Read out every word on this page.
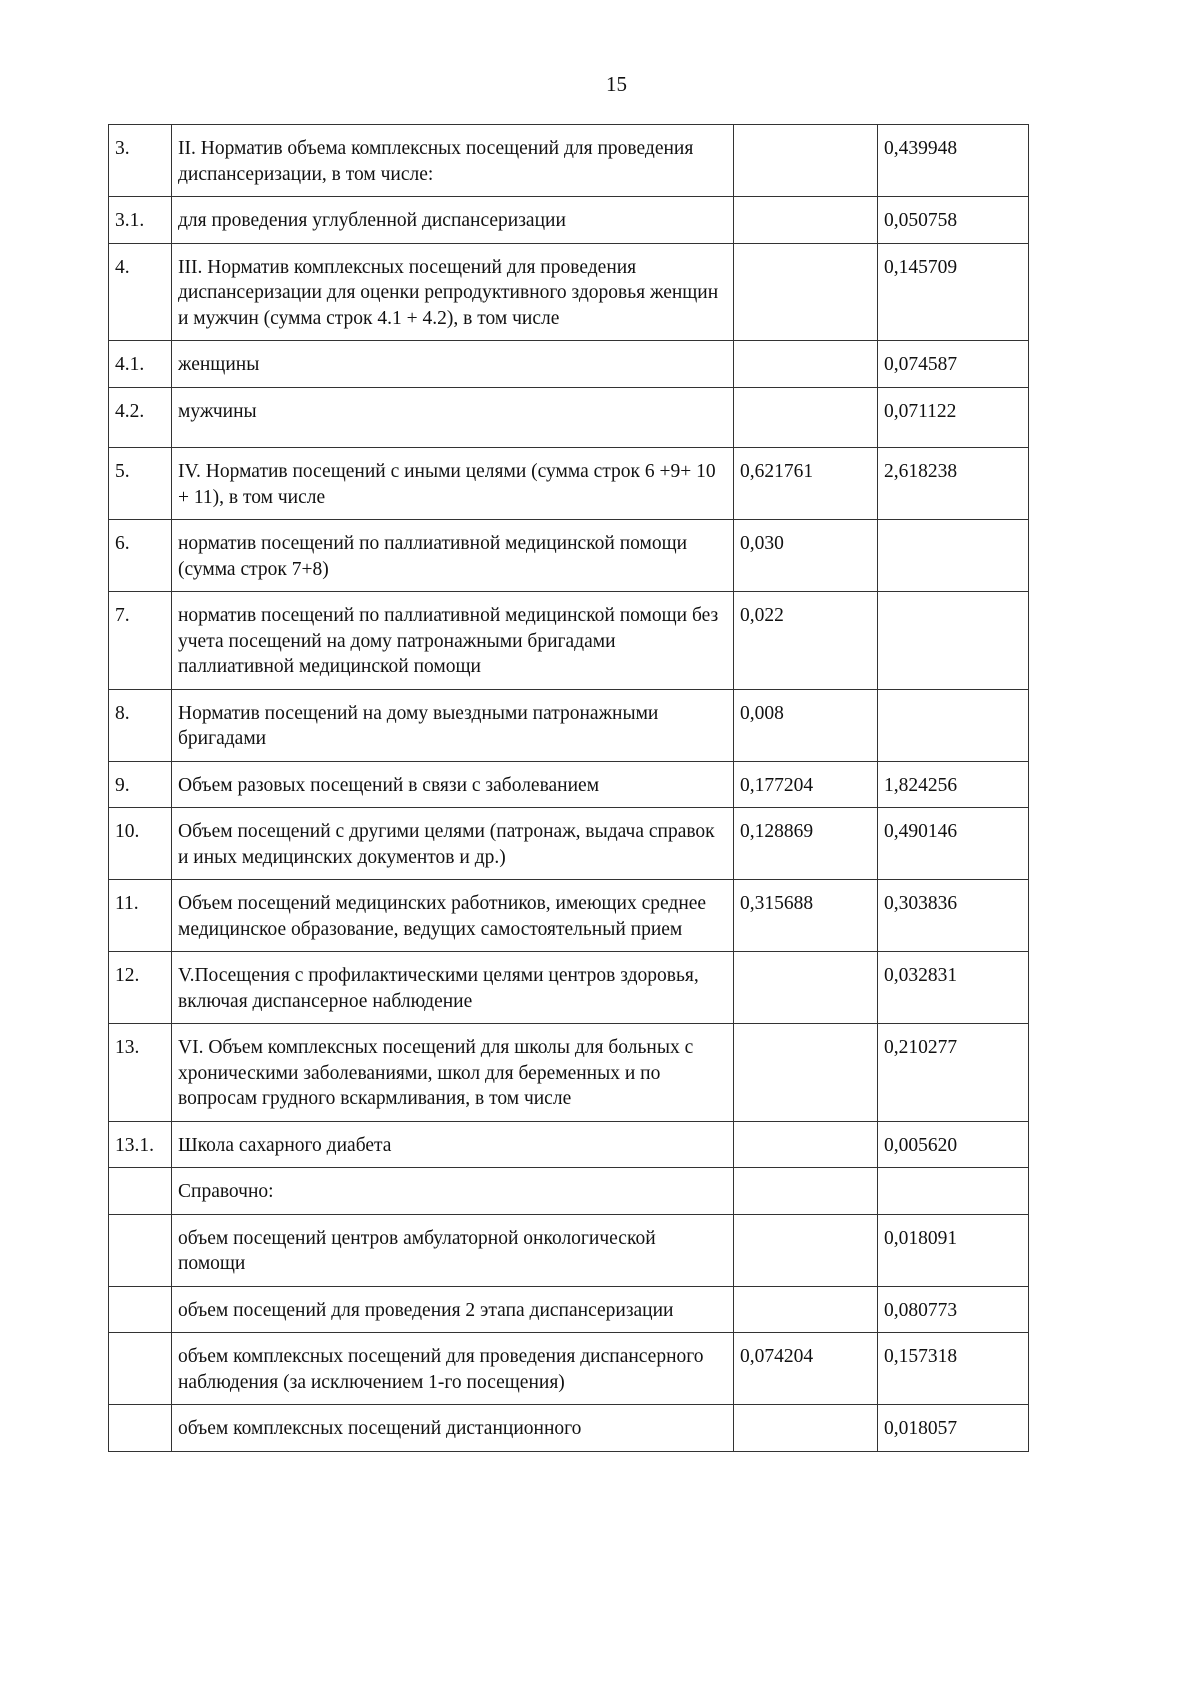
15
3.	II. Норматив объема комплексных посещений для проведения диспансеризации, в том числе:		0,439948
3.1.	для проведения углубленной диспансеризации		0,050758
4.	III. Норматив комплексных посещений для проведения диспансеризации для оценки репродуктивного здоровья женщин и мужчин (сумма строк 4.1 + 4.2), в том числе		0,145709
4.1.	женщины		0,074587
4.2.	мужчины		0,071122
5.	IV. Норматив посещений с иными целями (сумма строк 6 +9+ 10 + 11), в том числе	0,621761	2,618238
6.	норматив посещений по паллиативной медицинской помощи (сумма строк 7+8)	0,030	
7.	норматив посещений по паллиативной медицинской помощи без учета посещений на дому патронажными бригадами паллиативной медицинской помощи	0,022	
8.	Норматив посещений на дому выездными патронажными бригадами	0,008	
9.	Объем разовых посещений в связи с заболеванием	0,177204	1,824256
10.	Объем посещений с другими целями (патронаж, выдача справок и иных медицинских документов и др.)	0,128869	0,490146
11.	Объем посещений медицинских работников, имеющих среднее медицинское образование, ведущих самостоятельный прием	0,315688	0,303836
12.	V.Посещения с профилактическими целями центров здоровья, включая диспансерное наблюдение		0,032831
13.	VI. Объем комплексных посещений для школы для больных с хроническими заболеваниями, школ для беременных и по вопросам грудного вскармливания, в том числе		0,210277
13.1.	Школа сахарного диабета		0,005620
	Справочно:		
	объем посещений центров амбулаторной онкологической помощи		0,018091
	объем посещений для проведения 2 этапа диспансеризации		0,080773
	объем комплексных посещений для проведения диспансерного наблюдения (за исключением 1-го посещения)	0,074204	0,157318
	объем комплексных посещений дистанционного		0,018057
